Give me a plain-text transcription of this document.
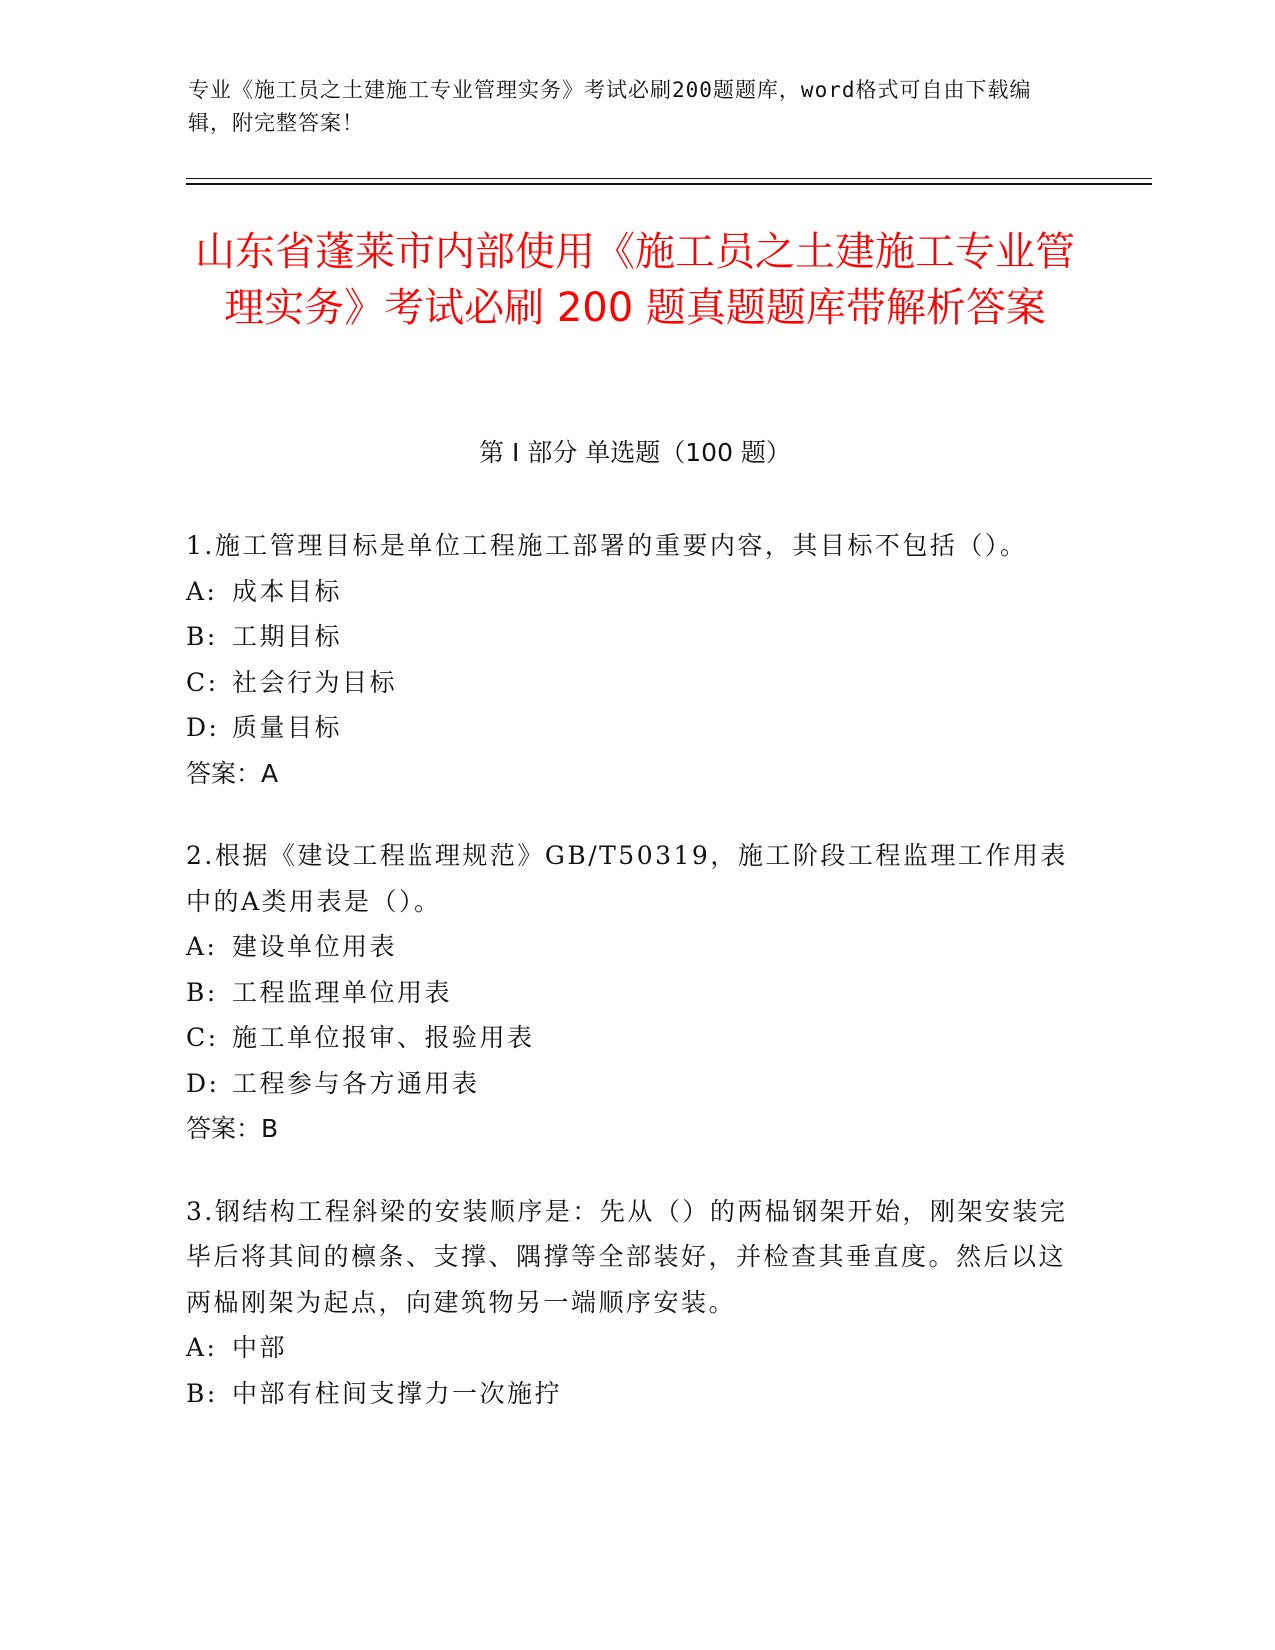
专业《施工员之土建施工专业管理实务》考试必刷200题题库，word格式可自由下载编辑，附完整答案！
山东省蓬莱市内部使用《施工员之土建施工专业管理实务》考试必刷 200 题真题题库带解析答案
第 I 部分 单选题（100 题）
1.施工管理目标是单位工程施工部署的重要内容，其目标不包括（）。
A: 成本目标
B: 工期目标
C: 社会行为目标
D: 质量目标
答案：A
2.根据《建设工程监理规范》GB/T50319，施工阶段工程监理工作用表中的A类用表是（）。
A: 建设单位用表
B: 工程监理单位用表
C: 施工单位报审、报验用表
D: 工程参与各方通用表
答案：B
3.钢结构工程斜梁的安装顺序是：先从（）的两榀钢架开始，刚架安装完毕后将其间的檩条、支撑、隅撑等全部装好，并检查其垂直度。然后以这两榀刚架为起点，向建筑物另一端顺序安装。
A: 中部
B: 中部有柱间支撑力一次施拧
